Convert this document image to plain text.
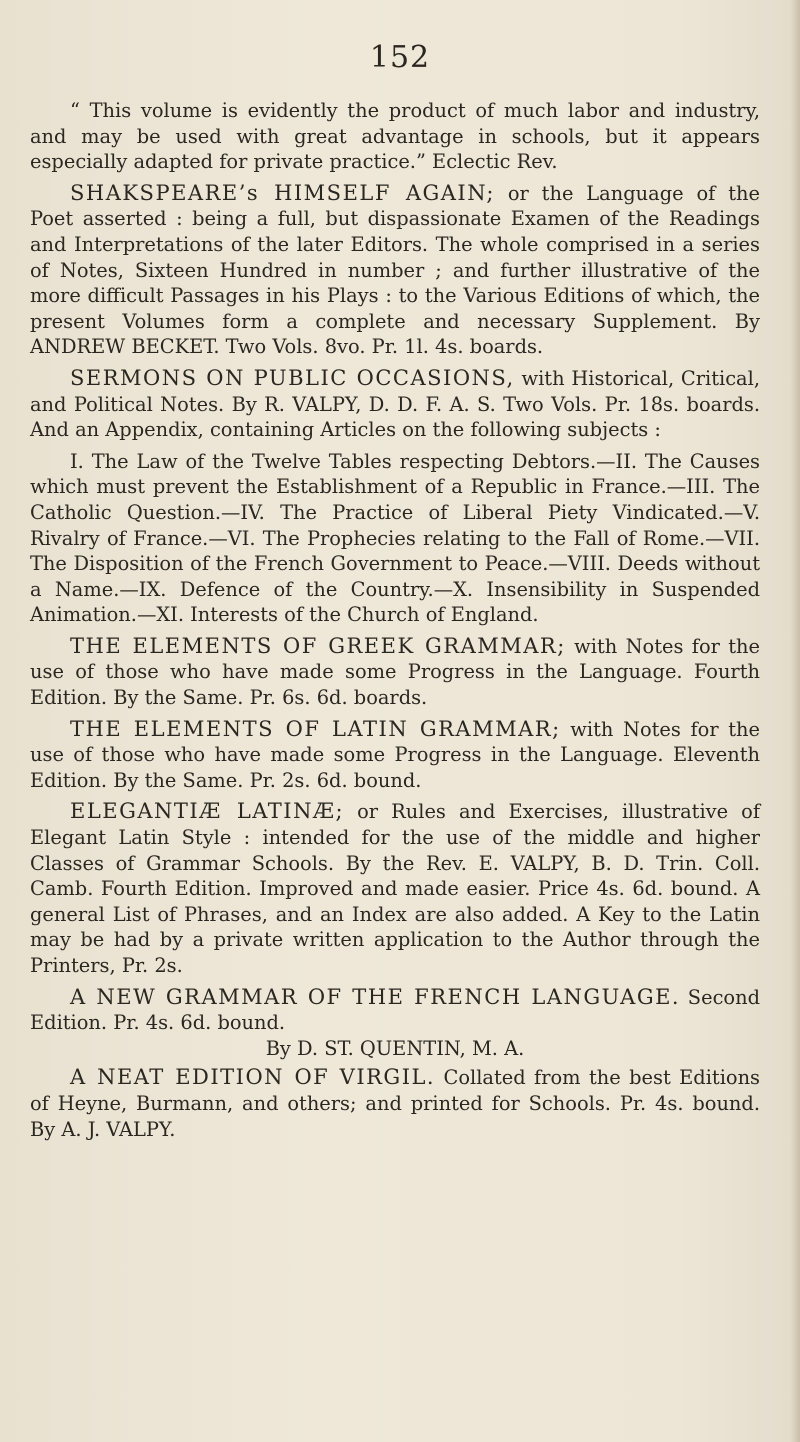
152

“ This volume is evidently the product of much labor and industry, and may be used with great advantage in schools, but it appears especially adapted for private practice.” Eclectic Rev.

SHAKSPEARE’s HIMSELF AGAIN; or the Language of the Poet asserted : being a full, but dispassionate Examen of the Readings and Interpretations of the later Editors. The whole comprised in a series of Notes, Sixteen Hundred in number ; and further illustrative of the more difficult Passages in his Plays : to the Various Editions of which, the present Volumes form a complete and necessary Supplement. By ANDREW BECKET. Two Vols. 8vo. Pr. 1l. 4s. boards.

SERMONS ON PUBLIC OCCASIONS, with Historical, Critical, and Political Notes. By R. VALPY, D. D. F. A. S. Two Vols. Pr. 18s. boards. And an Appendix, containing Articles on the following subjects :

I. The Law of the Twelve Tables respecting Debtors.—II. The Causes which must prevent the Establishment of a Republic in France.—III. The Catholic Question.—IV. The Practice of Liberal Piety Vindicated.—V. Rivalry of France.—VI. The Prophecies relating to the Fall of Rome.—VII. The Disposition of the French Government to Peace.—VIII. Deeds without a Name.—IX. Defence of the Country.—X. Insensibility in Suspended Animation.—XI. Interests of the Church of England.

THE ELEMENTS OF GREEK GRAMMAR; with Notes for the use of those who have made some Progress in the Language. Fourth Edition. By the Same. Pr. 6s. 6d. boards.

THE ELEMENTS OF LATIN GRAMMAR; with Notes for the use of those who have made some Progress in the Language. Eleventh Edition. By the Same. Pr. 2s. 6d. bound.

ELEGANTIÆ LATINÆ; or Rules and Exercises, illustrative of Elegant Latin Style : intended for the use of the middle and higher Classes of Grammar Schools. By the Rev. E. VALPY, B. D. Trin. Coll. Camb. Fourth Edition. Improved and made easier. Price 4s. 6d. bound. A general List of Phrases, and an Index are also added. A Key to the Latin may be had by a private written application to the Author through the Printers, Pr. 2s.

A NEW GRAMMAR OF THE FRENCH LANGUAGE. Second Edition. Pr. 4s. 6d. bound.

By D. ST. QUENTIN, M. A.

A NEAT EDITION OF VIRGIL. Collated from the best Editions of Heyne, Burmann, and others; and printed for Schools. Pr. 4s. bound. By A. J. VALPY.
